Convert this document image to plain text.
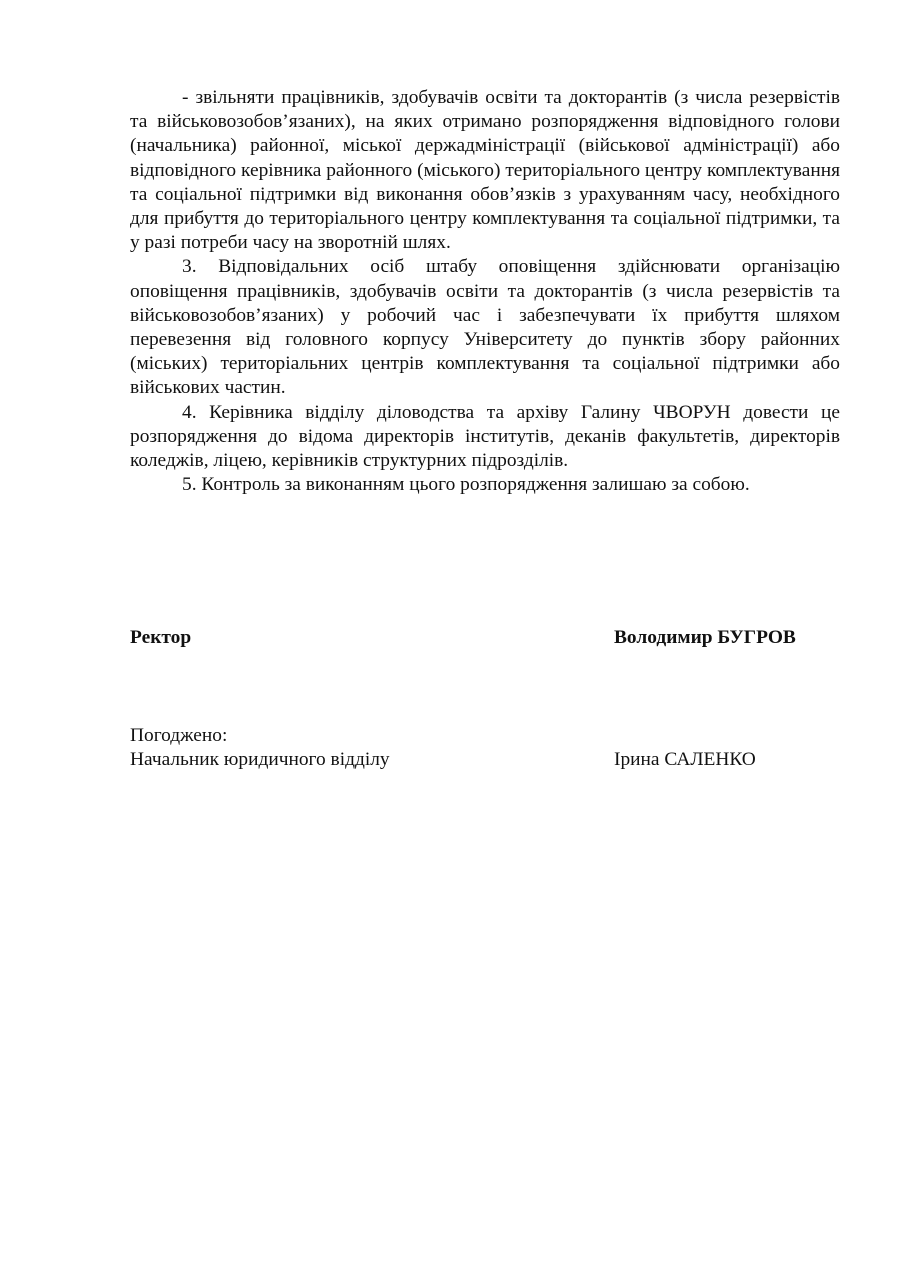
- звільняти працівників, здобувачів освіти та докторантів (з числа резервістів та військовозобов’язаних), на яких отримано розпорядження відповідного голови (начальника) районної, міської держадміністрації (військової адміністрації) або відповідного керівника районного (міського) територіального центру комплектування та соціальної підтримки від виконання обов’язків з урахуванням часу, необхідного для прибуття до територіального центру комплектування та соціальної підтримки, та у разі потреби часу на зворотній шлях.

3. Відповідальних осіб штабу оповіщення здійснювати організацію оповіщення працівників, здобувачів освіти та докторантів (з числа резервістів та військовозобов’язаних) у робочий час і забезпечувати їх прибуття шляхом перевезення від головного корпусу Університету до пунктів збору районних (міських) територіальних центрів комплектування та соціальної підтримки або військових частин.

4. Керівника відділу діловодства та архіву Галину ЧВОРУН довести це розпорядження до відома директорів інститутів, деканів факультетів, директорів коледжів, ліцею, керівників структурних підрозділів.

5. Контроль за виконанням цього розпорядження залишаю за собою.

Ректор	Володимир БУГРОВ
Погоджено:
Начальник юридичного відділу	Ірина САЛЕНКО
